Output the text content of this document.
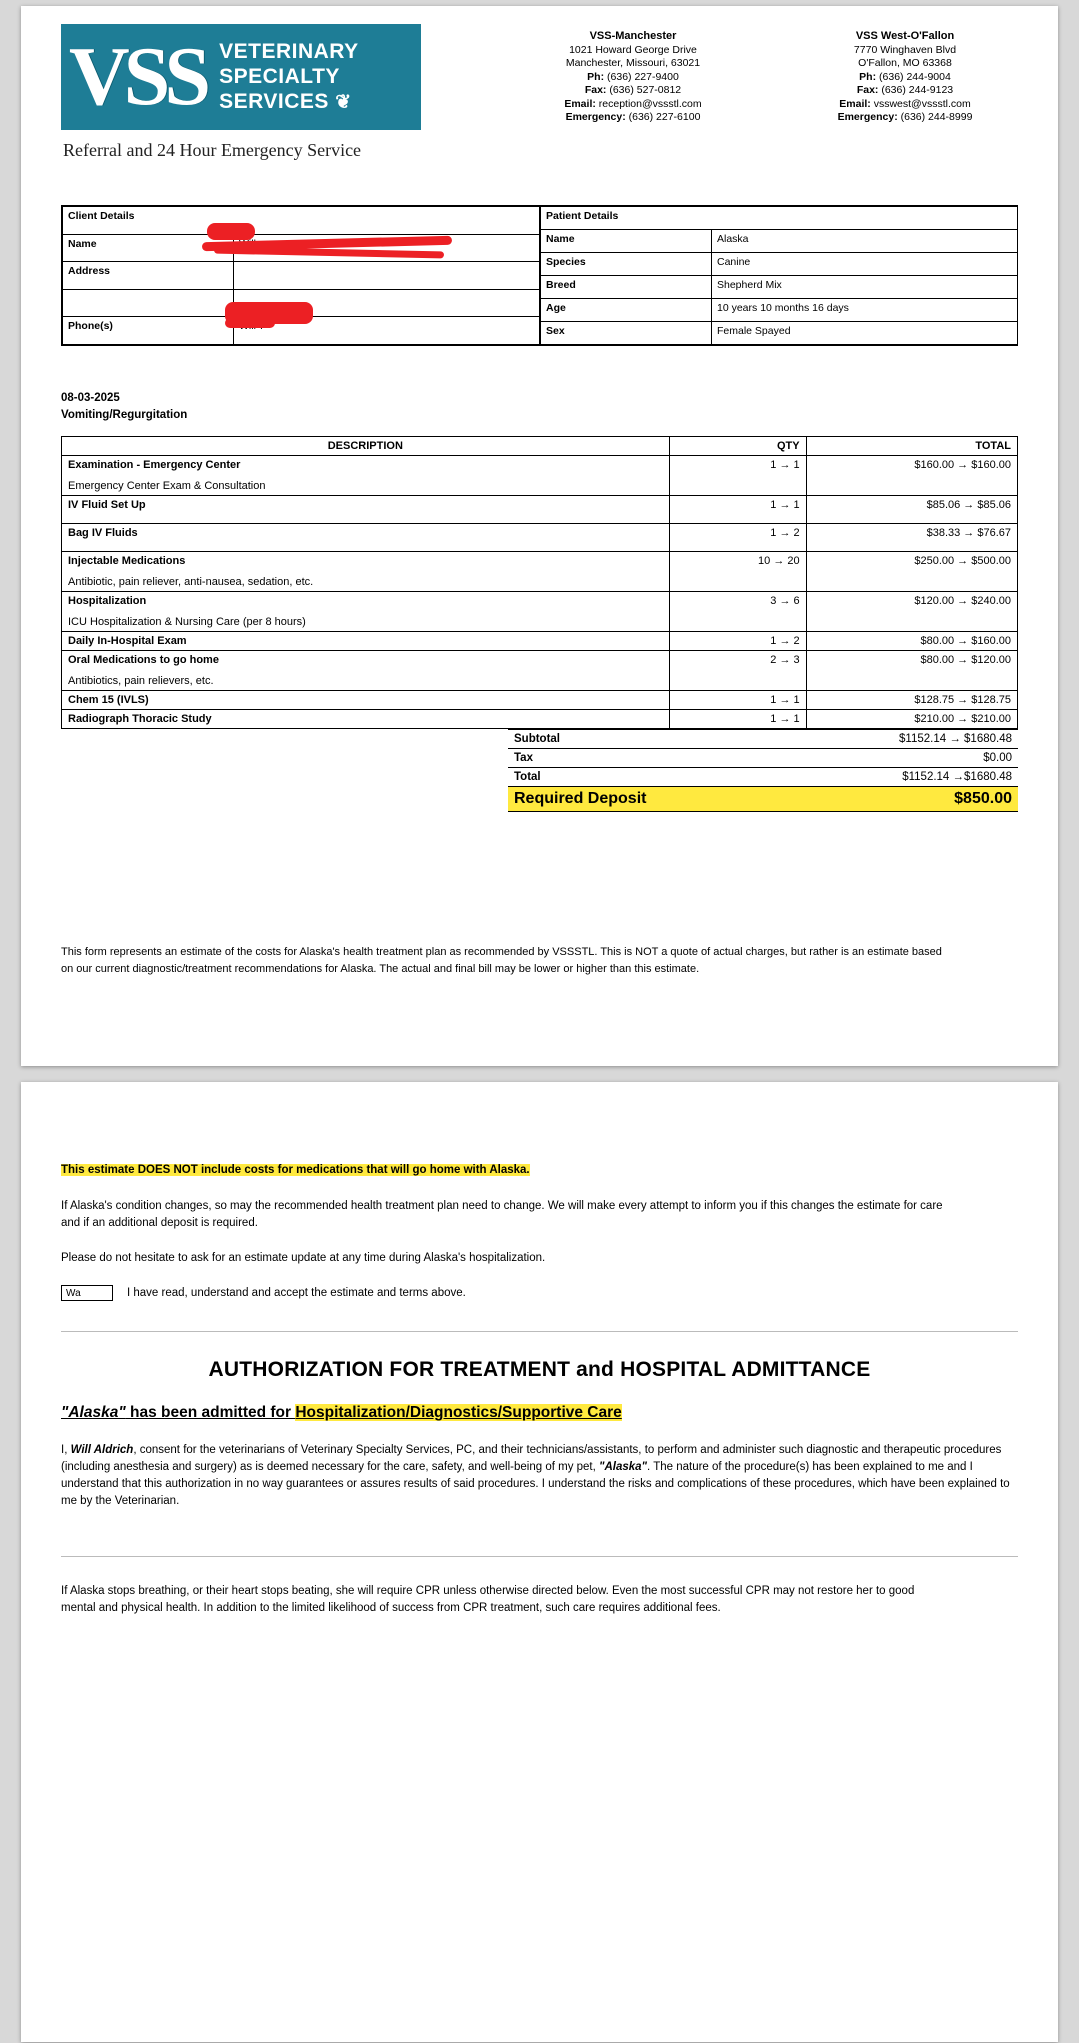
VSS VETERINARY
SPECIALTY
SERVICES ❦
Referral and 24 Hour Emergency Service
VSS-Manchester
1021 Howard George Drive
Manchester, Missouri, 63021
Ph: (636) 227-9400
Fax: (636) 527-0812
Email: reception@vssstl.com
Emergency: (636) 227-6100
VSS West-O'Fallon
7770 Winghaven Blvd
O'Fallon, MO 63368
Ph: (636) 244-9004
Fax: (636) 244-9123
Email: vsswest@vssstl.com
Emergency: (636) 244-8999
Client Details	
Name	
Address	

Phone(s)	
Patient Details	
Name	Alaska
Species	Canine
Breed	Shepherd Mix
Age	10 years 10 months 16 days
Sex	Female Spayed
08-03-2025
Vomiting/Regurgitation
DESCRIPTION	QTY	TOTAL

Examination - Emergency Center
Emergency Center Exam & Consultation	1 → 1	$160.00 → $160.00

IV Fluid Set Up	1 → 1	$85.06 → $85.06

Bag IV Fluids	1 → 2	$38.33 → $76.67

Injectable Medications
Antibiotic, pain reliever, anti-nausea, sedation, etc.	10 → 20	$250.00 → $500.00

Hospitalization
ICU Hospitalization & Nursing Care (per 8 hours)	3 → 6	$120.00 → $240.00

Daily In-Hospital Exam	1 → 2	$80.00 → $160.00

Oral Medications to go home
Antibiotics, pain relievers, etc.	2 → 3	$80.00 → $120.00

Chem 15 (IVLS)	1 → 1	$128.75 → $128.75

Radiograph Thoracic Study	1 → 1	$210.00 → $210.00
Subtotal	$1152.14 → $1680.48
Tax	$0.00
Total	$1152.14 →$1680.48
Required Deposit	$850.00
This form represents an estimate of the costs for Alaska's health treatment plan as recommended by VSSSTL. This is NOT a quote of actual charges, but rather is an estimate based on our current diagnostic/treatment recommendations for Alaska. The actual and final bill may be lower or higher than this estimate.
This estimate DOES NOT include costs for medications that will go home with Alaska.

If Alaska's condition changes, so may the recommended health treatment plan need to change. We will make every attempt to inform you if this changes the estimate for care and if an additional deposit is required.

Please do not hesitate to ask for an estimate update at any time during Alaska's hospitalization.

Wa
I have read, understand and accept the estimate and terms above.
AUTHORIZATION FOR TREATMENT and HOSPITAL ADMITTANCE
"Alaska" has been admitted for Hospitalization/Diagnostics/Supportive Care
I, Will Aldrich, consent for the veterinarians of Veterinary Specialty Services, PC, and their technicians/assistants, to perform and administer such diagnostic and therapeutic procedures (including anesthesia and surgery) as is deemed necessary for the care, safety, and well-being of my pet, "Alaska". The nature of the procedure(s) has been explained to me and I understand that this authorization in no way guarantees or assures results of said procedures. I understand the risks and complications of these procedures, which have been explained to me by the Veterinarian.

If Alaska stops breathing, or their heart stops beating, she will require CPR unless otherwise directed below. Even the most successful CPR may not restore her to good mental and physical health. In addition to the limited likelihood of success from CPR treatment, such care requires additional fees.
